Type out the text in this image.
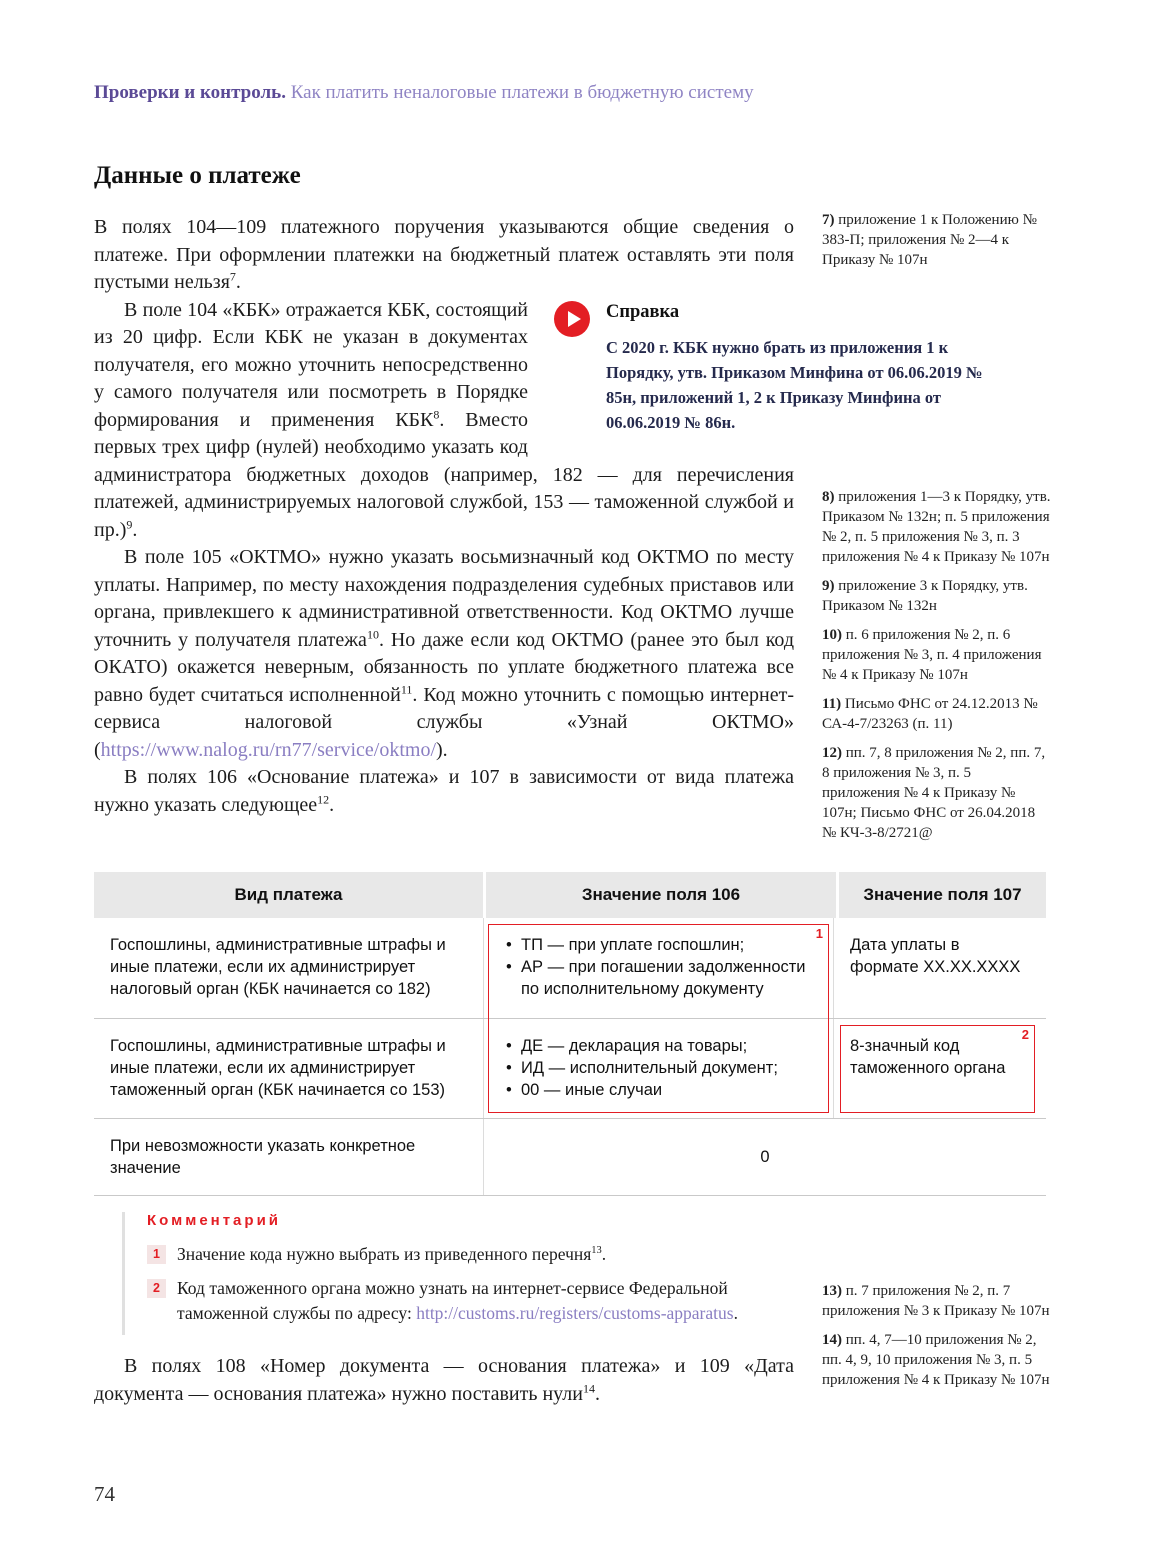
Проверки и контроль. Как платить неналоговые платежи в бюджетную систему
Данные о платеже

В полях 104—109 платежного поручения указываются общие сведения о платеже. При оформлении платежки на бюджетный платеж оставлять эти поля пустыми нельзя$^7$.

Справка
С 2020 г. КБК нужно брать из приложения 1 к Порядку, утв. Приказом Минфина от 06.06.2019 № 85н, приложений 1, 2 к Приказу Минфина от 06.06.2019 № 86н.

В поле 104 «КБК» отражается КБК, состоящий из 20 цифр. Если КБК не указан в документах получателя, его можно уточнить непосредственно у самого получателя или посмотреть в Порядке формирования и применения КБК$^8$. Вместо первых трех цифр (нулей) необходимо указать код администратора бюджетных доходов (например, 182 — для перечисления платежей, администрируемых налоговой службой, 153 — таможенной службой и пр.)$^9$.

В поле 105 «ОКТМО» нужно указать восьмизначный код ОКТМО по месту уплаты. Например, по месту нахождения подразделения судебных приставов или органа, привлекшего к административной ответственности. Код ОКТМО лучше уточнить у получателя платежа$^{10}$. Но даже если код ОКТМО (ранее это был код ОКАТО) окажется неверным, обязанность по уплате бюджетного платежа все равно будет считаться исполненной$^{11}$. Код можно уточнить с помощью интернет-сервиса налоговой службы «Узнай ОКТМО» (https://www.nalog.ru/rn77/service/oktmo/).

В полях 106 «Основание платежа» и 107 в зависимости от вида платежа нужно указать следующее$^{12}$.

7) приложение 1 к Положению № 383-П; приложения № 2—4 к Приказу № 107н

8) приложения 1—3 к Порядку, утв. Приказом № 132н; п. 5 приложения № 2, п. 5 приложения № 3, п. 3 приложения № 4 к Приказу № 107н

9) приложение 3 к Порядку, утв. Приказом № 132н

10) п. 6 приложения № 2, п. 6 приложения № 3, п. 4 приложения № 4 к Приказу № 107н

11) Письмо ФНС от 24.12.2013 № СА-4-7/23263 (п. 11)

12) пп. 7, 8 приложения № 2, пп. 7, 8 приложения № 3, п. 5 приложения № 4 к Приказу № 107н; Письмо ФНС от 26.04.2018 № КЧ-3-8/2721@

13) п. 7 приложения № 2, п. 7 приложения № 3 к Приказу № 107н

14) пп. 4, 7—10 приложения № 2, пп. 4, 9, 10 приложения № 3, п. 5 приложения № 4 к Приказу № 107н

Вид платежа	Значение поля 106	Значение поля 107
Госпошлины, административные штрафы и иные платежи, если их администрирует налоговый орган (КБК начинается со 182)
• ТП — при уплате госпошлин;
• АР — при погашении задолженности по исполнительному документу
Дата уплаты в формате ХХ.ХХ.ХХХХ
Госпошлины, административные штрафы и иные платежи, если их администрирует таможенный орган (КБК начинается со 153)
• ДЕ — декларация на товары;
• ИД — исполнительный документ;
• 00 — иные случаи
8-значный код таможенного органа
При невозможности указать конкретное значение
0
1
2
Комментарий
1 Значение кода нужно выбрать из приведенного перечня$^{13}$.
2 Код таможенного органа можно узнать на интернет-сервисе Федеральной таможенной службы по адресу: http://customs.ru/registers/customs-apparatus.

В полях 108 «Номер документа — основания платежа» и 109 «Дата документа — основания платежа» нужно поставить нули$^{14}$.

74
